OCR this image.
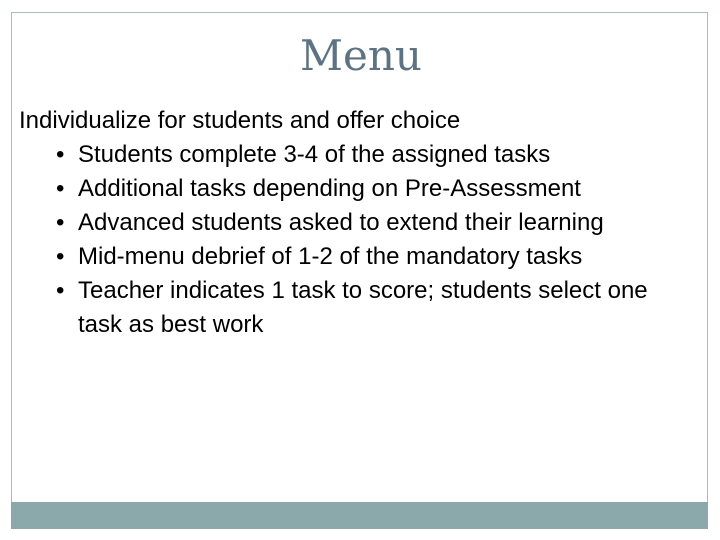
Menu
Individualize for students and offer choice
• Students complete 3-4 of the assigned tasks
• Additional tasks depending on Pre-Assessment
• Advanced students asked to extend their learning
• Mid-menu debrief of 1-2 of the mandatory tasks
• Teacher indicates 1 task to score; students select one task as best work
